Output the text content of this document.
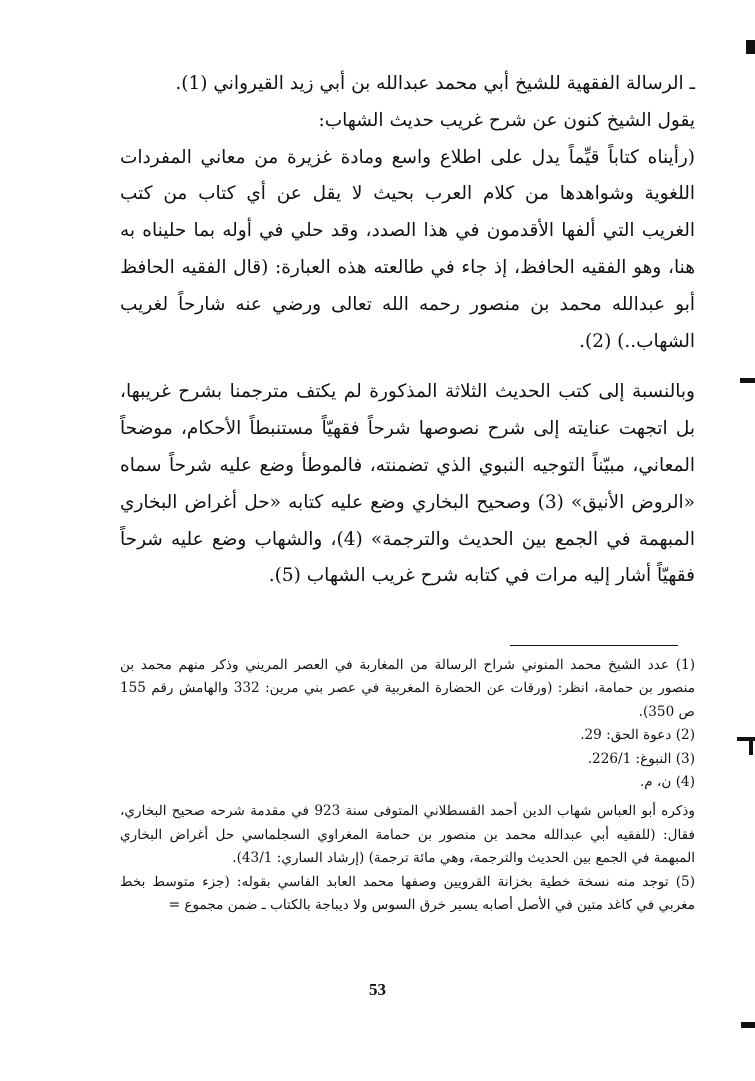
ـ الرسالة الفقهية للشيخ أبي محمد عبدالله بن أبي زيد القيرواني (1).

يقول الشيخ كنون عن شرح غريب حديث الشهاب:

(رأيناه كتاباً قيِّماً يدل على اطلاع واسع ومادة غزيرة من معاني المفردات اللغوية وشواهدها من كلام العرب بحيث لا يقل عن أي كتاب من كتب الغريب التي ألفها الأقدمون في هذا الصدد، وقد حلي في أوله بما حليناه به هنا، وهو الفقيه الحافظ، إذ جاء في طالعته هذه العبارة: (قال الفقيه الحافظ أبو عبدالله محمد بن منصور رحمه الله تعالى ورضي عنه شارحاً لغريب الشهاب..) (2).

وبالنسبة إلى كتب الحديث الثلاثة المذكورة لم يكتف مترجمنا بشرح غريبها، بل اتجهت عنايته إلى شرح نصوصها شرحاً فقهيّاً مستنبطاً الأحكام، موضحاً المعاني، مبيّناً التوجيه النبوي الذي تضمنته، فالموطأ وضع عليه شرحاً سماه «الروض الأنيق» (3) وصحيح البخاري وضع عليه كتابه «حل أغراض البخاري المبهمة في الجمع بين الحديث والترجمة» (4)، والشهاب وضع عليه شرحاً فقهيّاً أشار إليه مرات في كتابه شرح غريب الشهاب (5).

(1) عدد الشيخ محمد المنوني شراح الرسالة من المغاربة في العصر المريني وذكر منهم محمد بن منصور بن حمامة، انظر: (ورقات عن الحضارة المغربية في عصر بني مرين: 332 والهامش رقم 155 ص 350).

(2) دعوة الحق: 29.

(3) النبوغ: 226/1.

(4) ن، م.

وذكره أبو العباس شهاب الدين أحمد القسطلاني المتوفى سنة 923 في مقدمة شرحه صحيح البخاري، فقال: (للفقيه أبي عبدالله محمد بن منصور بن حمامة المغراوي السجلماسي حل أغراض البخاري المبهمة في الجمع بين الحديث والترجمة، وهي مائة ترجمة) (إرشاد الساري: 43/1).

(5) توجد منه نسخة خطية بخزانة القرويين وصفها محمد العابد الفاسي بقوله: (جزء متوسط بخط مغربي في كاغد متين في الأصل أصابه يسير خرق السوس ولا ديباجة بالكتاب ـ ضمن مجموع =

53
